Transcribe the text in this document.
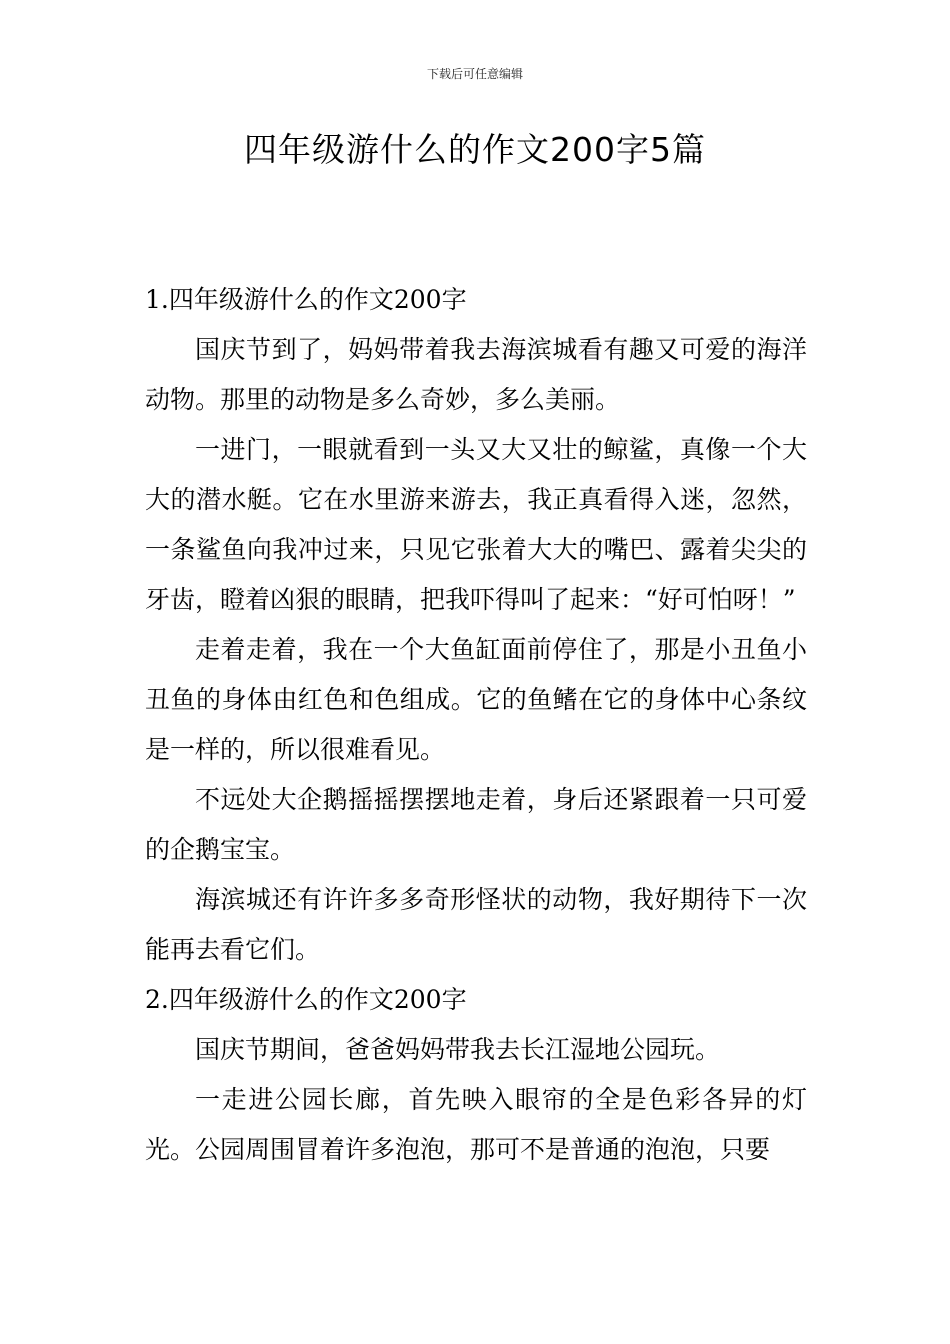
下载后可任意编辑
四年级游什么的作文200字5篇
1.四年级游什么的作文200字

国庆节到了，妈妈带着我去海滨城看有趣又可爱的海洋动物。那里的动物是多么奇妙，多么美丽。

一进门，一眼就看到一头又大又壮的鲸鲨，真像一个大大的潜水艇。它在水里游来游去，我正真看得入迷，忽然，一条鲨鱼向我冲过来，只见它张着大大的嘴巴、露着尖尖的牙齿，瞪着凶狠的眼睛，把我吓得叫了起来：“好可怕呀！”

走着走着，我在一个大鱼缸面前停住了，那是小丑鱼小丑鱼的身体由红色和色组成。它的鱼鳍在它的身体中心条纹是一样的，所以很难看见。

不远处大企鹅摇摇摆摆地走着，身后还紧跟着一只可爱的企鹅宝宝。

海滨城还有许许多多奇形怪状的动物，我好期待下一次能再去看它们。

2.四年级游什么的作文200字

国庆节期间，爸爸妈妈带我去长江湿地公园玩。

一走进公园长廊，首先映入眼帘的全是色彩各异的灯光。公园周围冒着许多泡泡，那可不是普通的泡泡，只要
